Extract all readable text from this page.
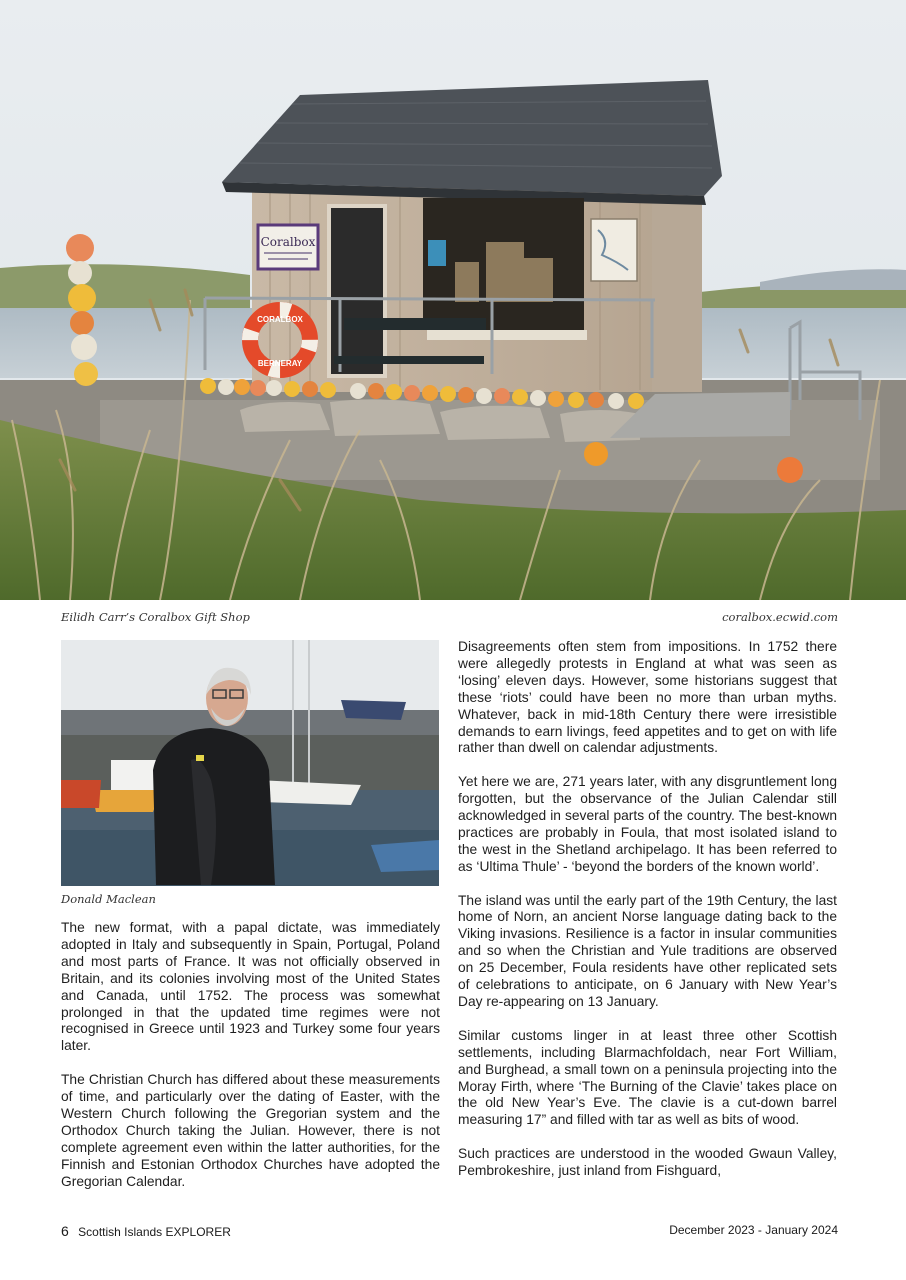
Coralbox
CORALBOX
BERNERAY
Eilidh Carr’s Coralbox Gift Shop	coralbox.ecwid.com
Donald Maclean

The new format, with a papal dictate, was immediately adopted in Italy and subsequently in Spain, Portugal, Poland and most parts of France. It was not officially observed in Britain, and its colonies involving most of the United States and Canada, until 1752. The process was somewhat prolonged in that the updated time regimes were not recognised in Greece until 1923 and Turkey some four years later.

The Christian Church has differed about these measurements of time, and particularly over the dating of Easter, with the Western Church following the Gregorian system and the Orthodox Church taking the Julian. However, there is not complete agreement even within the latter authorities, for the Finnish and Estonian Orthodox Churches have adopted the Gregorian Calendar.

Disagreements often stem from impositions. In 1752 there were allegedly protests in England at what was seen as ‘losing’ eleven days. However, some historians suggest that these ‘riots’ could have been no more than urban myths. Whatever, back in mid-18th Century there were irresistible demands to earn livings, feed appetites and to get on with life rather than dwell on calendar adjustments.

Yet here we are, 271 years later, with any disgruntlement long forgotten, but the observance of the Julian Calendar still acknowledged in several parts of the country. The best-known practices are probably in Foula, that most isolated island to the west in the Shetland archipelago. It has been referred to as ‘Ultima Thule’ - ‘beyond the borders of the known world’.

The island was until the early part of the 19th Century, the last home of Norn, an ancient Norse language dating back to the Viking invasions. Resilience is a factor in insular communities and so when the Christian and Yule traditions are observed on 25 December, Foula residents have other replicated sets of celebrations to anticipate, on 6 January with New Year’s Day re-appearing on 13 January.

Similar customs linger in at least three other Scottish settlements, including Blarmachfoldach, near Fort William, and Burghead, a small town on a peninsula projecting into the Moray Firth, where ‘The Burning of the Clavie’ takes place on the old New Year’s Eve. The clavie is a cut-down barrel measuring 17” and filled with tar as well as bits of wood.

Such practices are understood in the wooded Gwaun Valley, Pembrokeshire, just inland from Fishguard,

6 Scottish Islands EXPLORER	December 2023 - January 2024
